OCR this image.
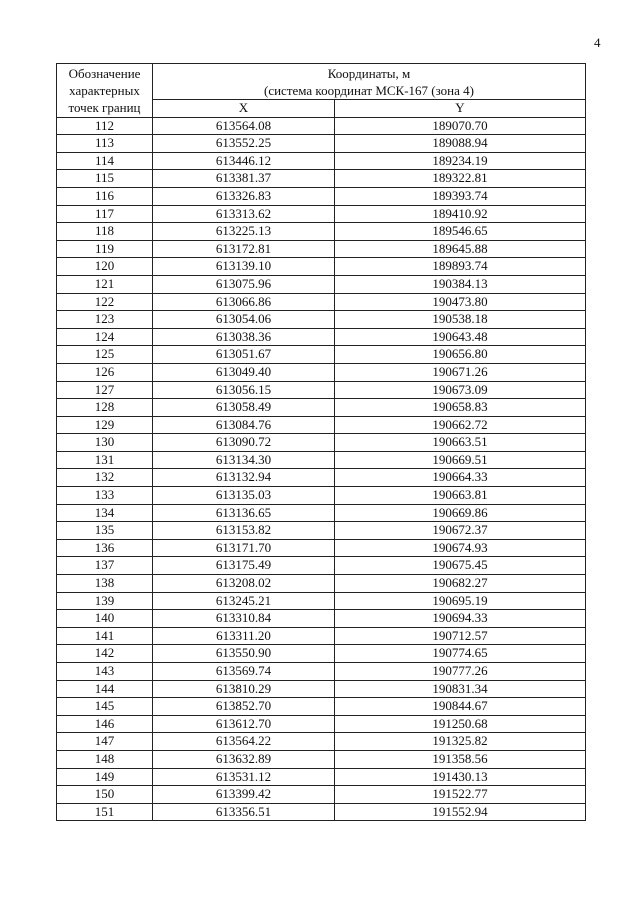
4
Обозначение
характерных
точек границ	Координаты, м
(система координат МСК-167 (зона 4)	

	X	Y
112	613564.08	189070.70
113	613552.25	189088.94
114	613446.12	189234.19
115	613381.37	189322.81
116	613326.83	189393.74
117	613313.62	189410.92
118	613225.13	189546.65
119	613172.81	189645.88
120	613139.10	189893.74
121	613075.96	190384.13
122	613066.86	190473.80
123	613054.06	190538.18
124	613038.36	190643.48
125	613051.67	190656.80
126	613049.40	190671.26
127	613056.15	190673.09
128	613058.49	190658.83
129	613084.76	190662.72
130	613090.72	190663.51
131	613134.30	190669.51
132	613132.94	190664.33
133	613135.03	190663.81
134	613136.65	190669.86
135	613153.82	190672.37
136	613171.70	190674.93
137	613175.49	190675.45
138	613208.02	190682.27
139	613245.21	190695.19
140	613310.84	190694.33
141	613311.20	190712.57
142	613550.90	190774.65
143	613569.74	190777.26
144	613810.29	190831.34
145	613852.70	190844.67
146	613612.70	191250.68
147	613564.22	191325.82
148	613632.89	191358.56
149	613531.12	191430.13
150	613399.42	191522.77
151	613356.51	191552.94
